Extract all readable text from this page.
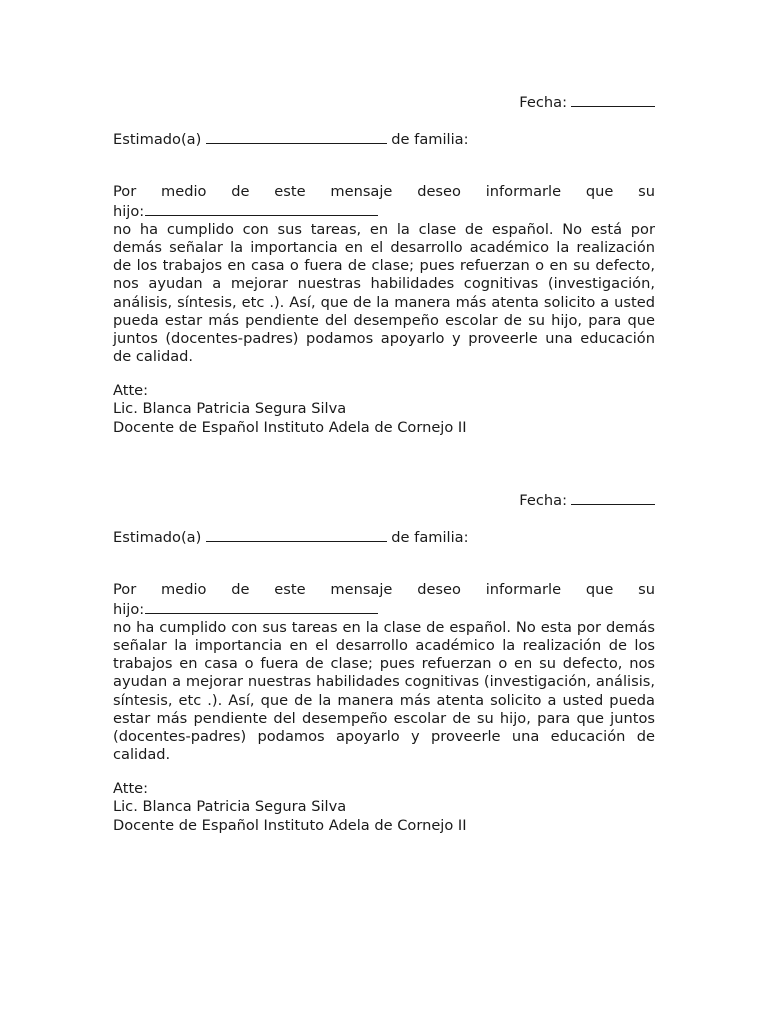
Fecha:
Estimado(a)	de familia:
Por medio de este mensaje deseo informarle que su
hijo:
no ha cumplido con sus tareas, en la clase de español. No está por demás señalar la importancia en el desarrollo académico la realización de los trabajos en casa o fuera de clase; pues refuerzan o en su defecto, nos ayudan a mejorar nuestras habilidades cognitivas (investigación, análisis, síntesis, etc .). Así, que de la manera más atenta solicito a usted pueda estar más pendiente del desempeño escolar de su hijo, para que juntos (docentes-padres) podamos apoyarlo y proveerle una educación de calidad.
Atte:
Lic. Blanca Patricia Segura Silva
Docente de Español Instituto Adela de Cornejo II
Fecha:
Estimado(a)	de familia:
Por medio de este mensaje deseo informarle que su
hijo:
no ha cumplido con sus tareas en la clase de español. No esta por demás señalar la importancia en el desarrollo académico la realización de los trabajos en casa o fuera de clase; pues refuerzan o en su defecto, nos ayudan a mejorar nuestras habilidades cognitivas (investigación, análisis, síntesis, etc .). Así, que de la manera más atenta solicito a usted pueda estar más pendiente del desempeño escolar de su hijo, para que juntos (docentes-padres) podamos apoyarlo y proveerle una educación de calidad.
Atte:
Lic. Blanca Patricia Segura Silva
Docente de Español Instituto Adela de Cornejo II
